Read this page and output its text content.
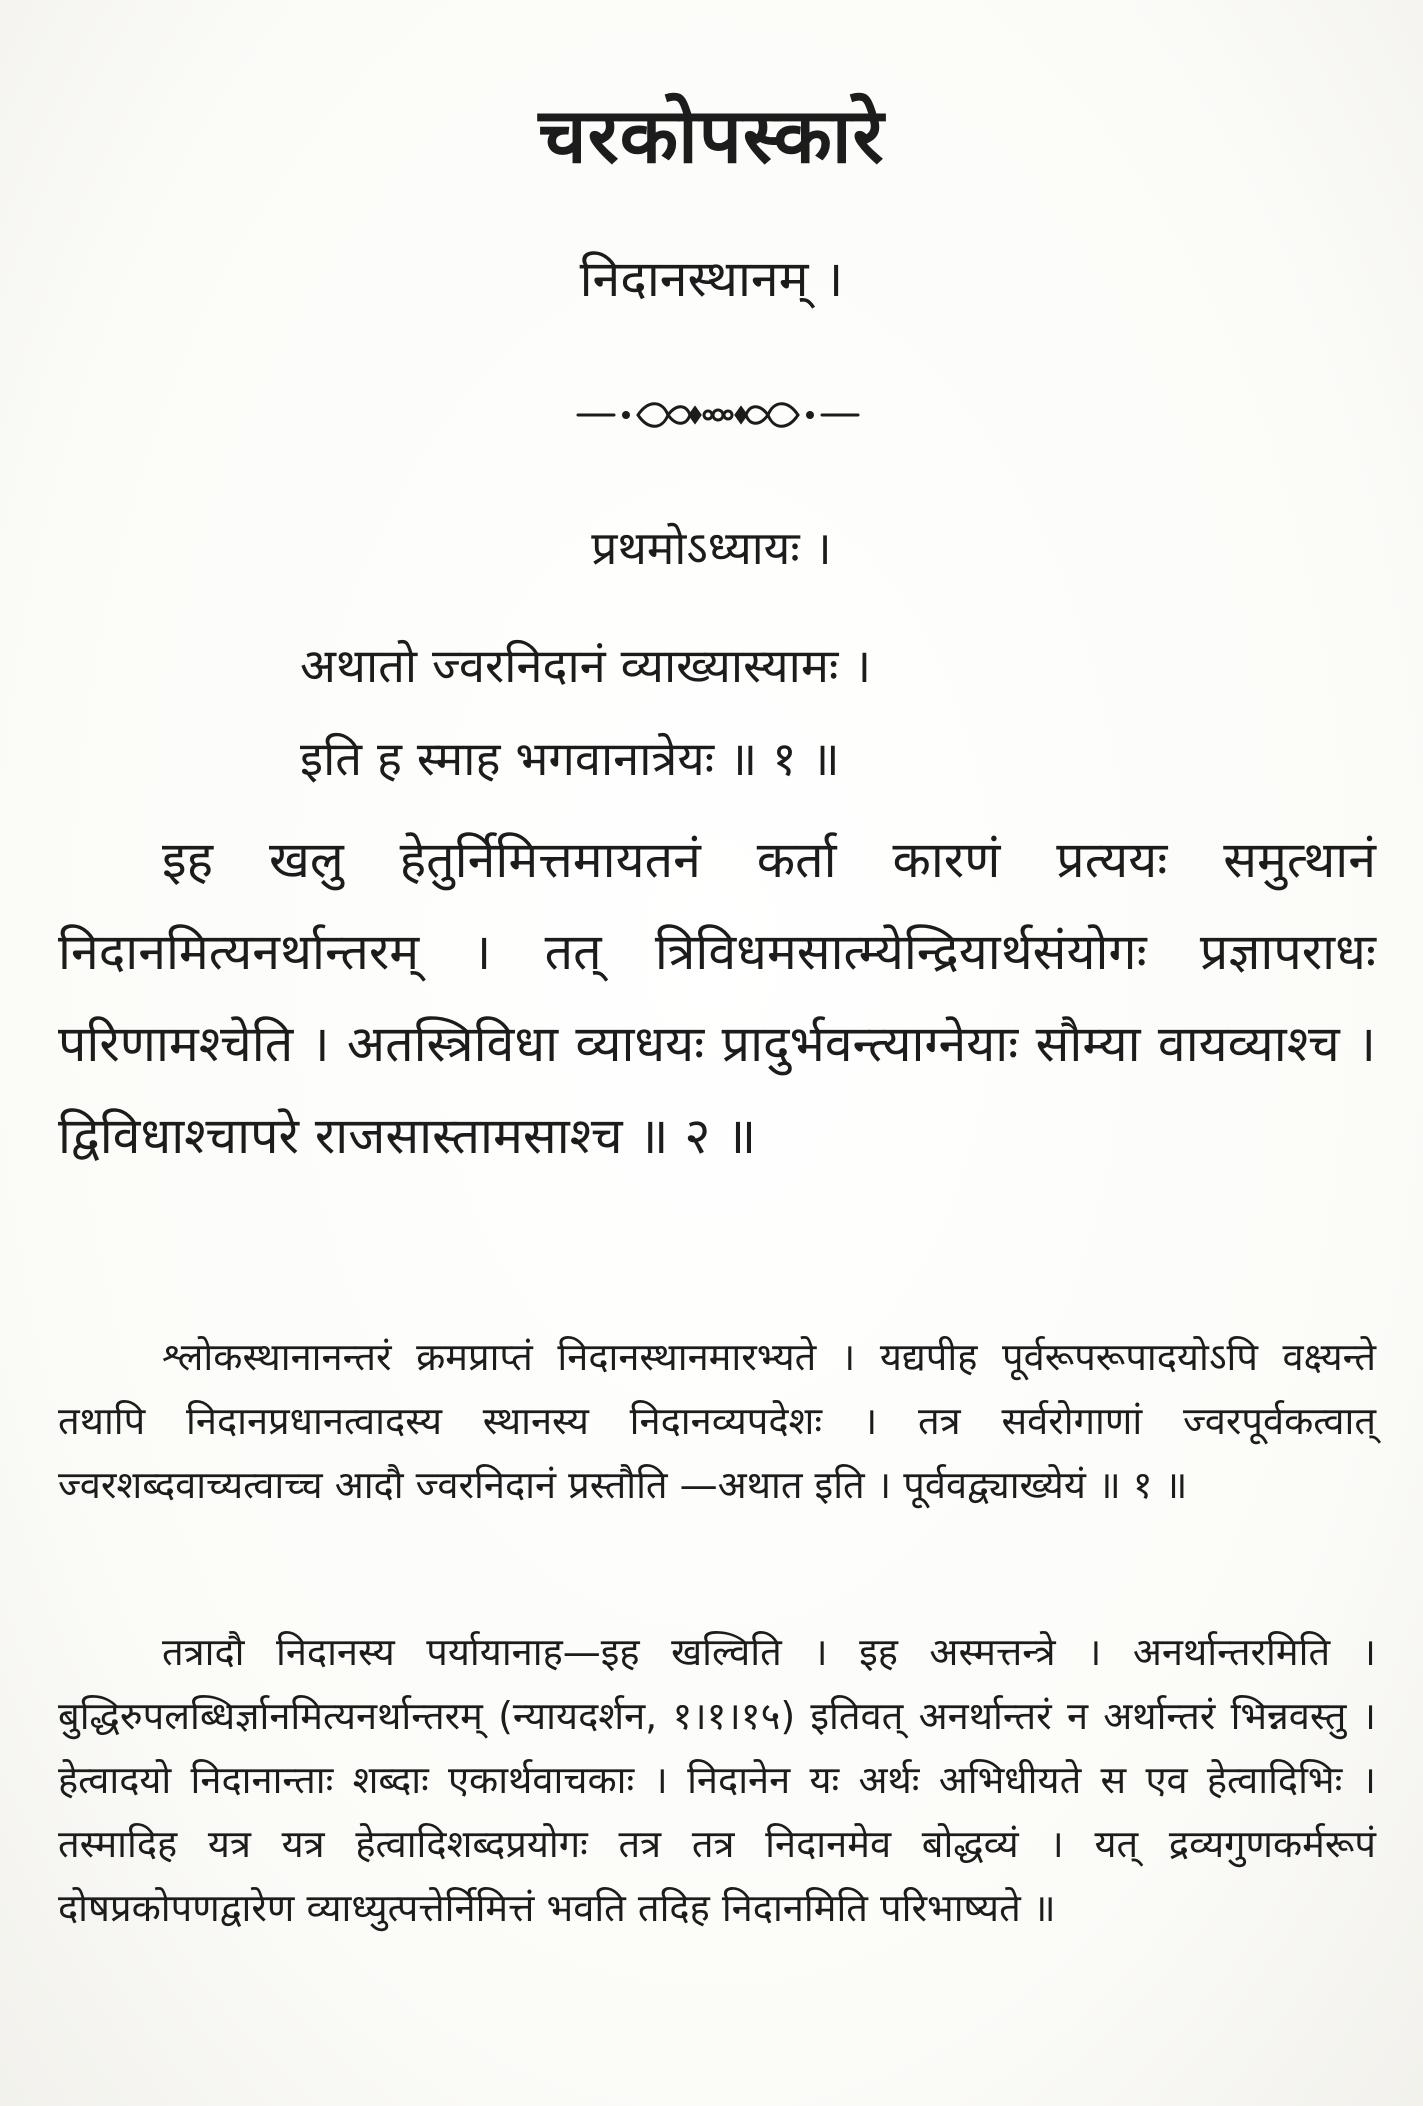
चरकोपस्कारे
निदानस्थानम् ।
प्रथमोऽध्यायः ।
अथातो ज्वरनिदानं व्याख्यास्यामः ।
इति ह स्माह भगवानात्रेयः ॥ १ ॥
इह खलु हेतुर्निमित्तमायतनं कर्ता कारणं प्रत्ययः समुत्थानं निदानमित्यनर्थान्तरम् । तत् त्रिविधमसात्म्येन्द्रियार्थसंयोगः प्रज्ञापराधः परिणामश्चेति । अतस्त्रिविधा व्याधयः प्रादुर्भवन्त्याग्नेयाः सौम्या वायव्याश्च । द्विविधाश्चापरे राजसास्तामसाश्च ॥ २ ॥
श्लोकस्थानानन्तरं क्रमप्राप्तं निदानस्थानमारभ्यते । यद्यपीह पूर्वरूपरूपादयोऽपि वक्ष्यन्ते तथापि निदानप्रधानत्वादस्य स्थानस्य निदानव्यपदेशः । तत्र सर्वरोगाणां ज्वरपूर्वकत्वात् ज्वरशब्दवाच्यत्वाच्च आदौ ज्वरनिदानं प्रस्तौति —अथात इति । पूर्ववद्व्याख्येयं ॥ १ ॥
तत्रादौ निदानस्य पर्यायानाह—इह खल्विति । इह अस्मत्तन्त्रे । अनर्थान्तरमिति । बुद्धिरुपलब्धिर्ज्ञानमित्यनर्थान्तरम् (न्यायदर्शन, १।१।१५) इतिवत् अनर्थान्तरं न अर्थान्तरं भिन्नवस्तु । हेत्वादयो निदानान्ताः शब्दाः एकार्थवाचकाः । निदानेन यः अर्थः अभिधीयते स एव हेत्वादिभिः । तस्मादिह यत्र यत्र हेत्वादिशब्दप्रयोगः तत्र तत्र निदानमेव बोद्धव्यं । यत् द्रव्यगुणकर्मरूपं दोषप्रकोपणद्वारेण व्याध्युत्पत्तेर्निमित्तं भवति तदिह निदानमिति परिभाष्यते ॥
